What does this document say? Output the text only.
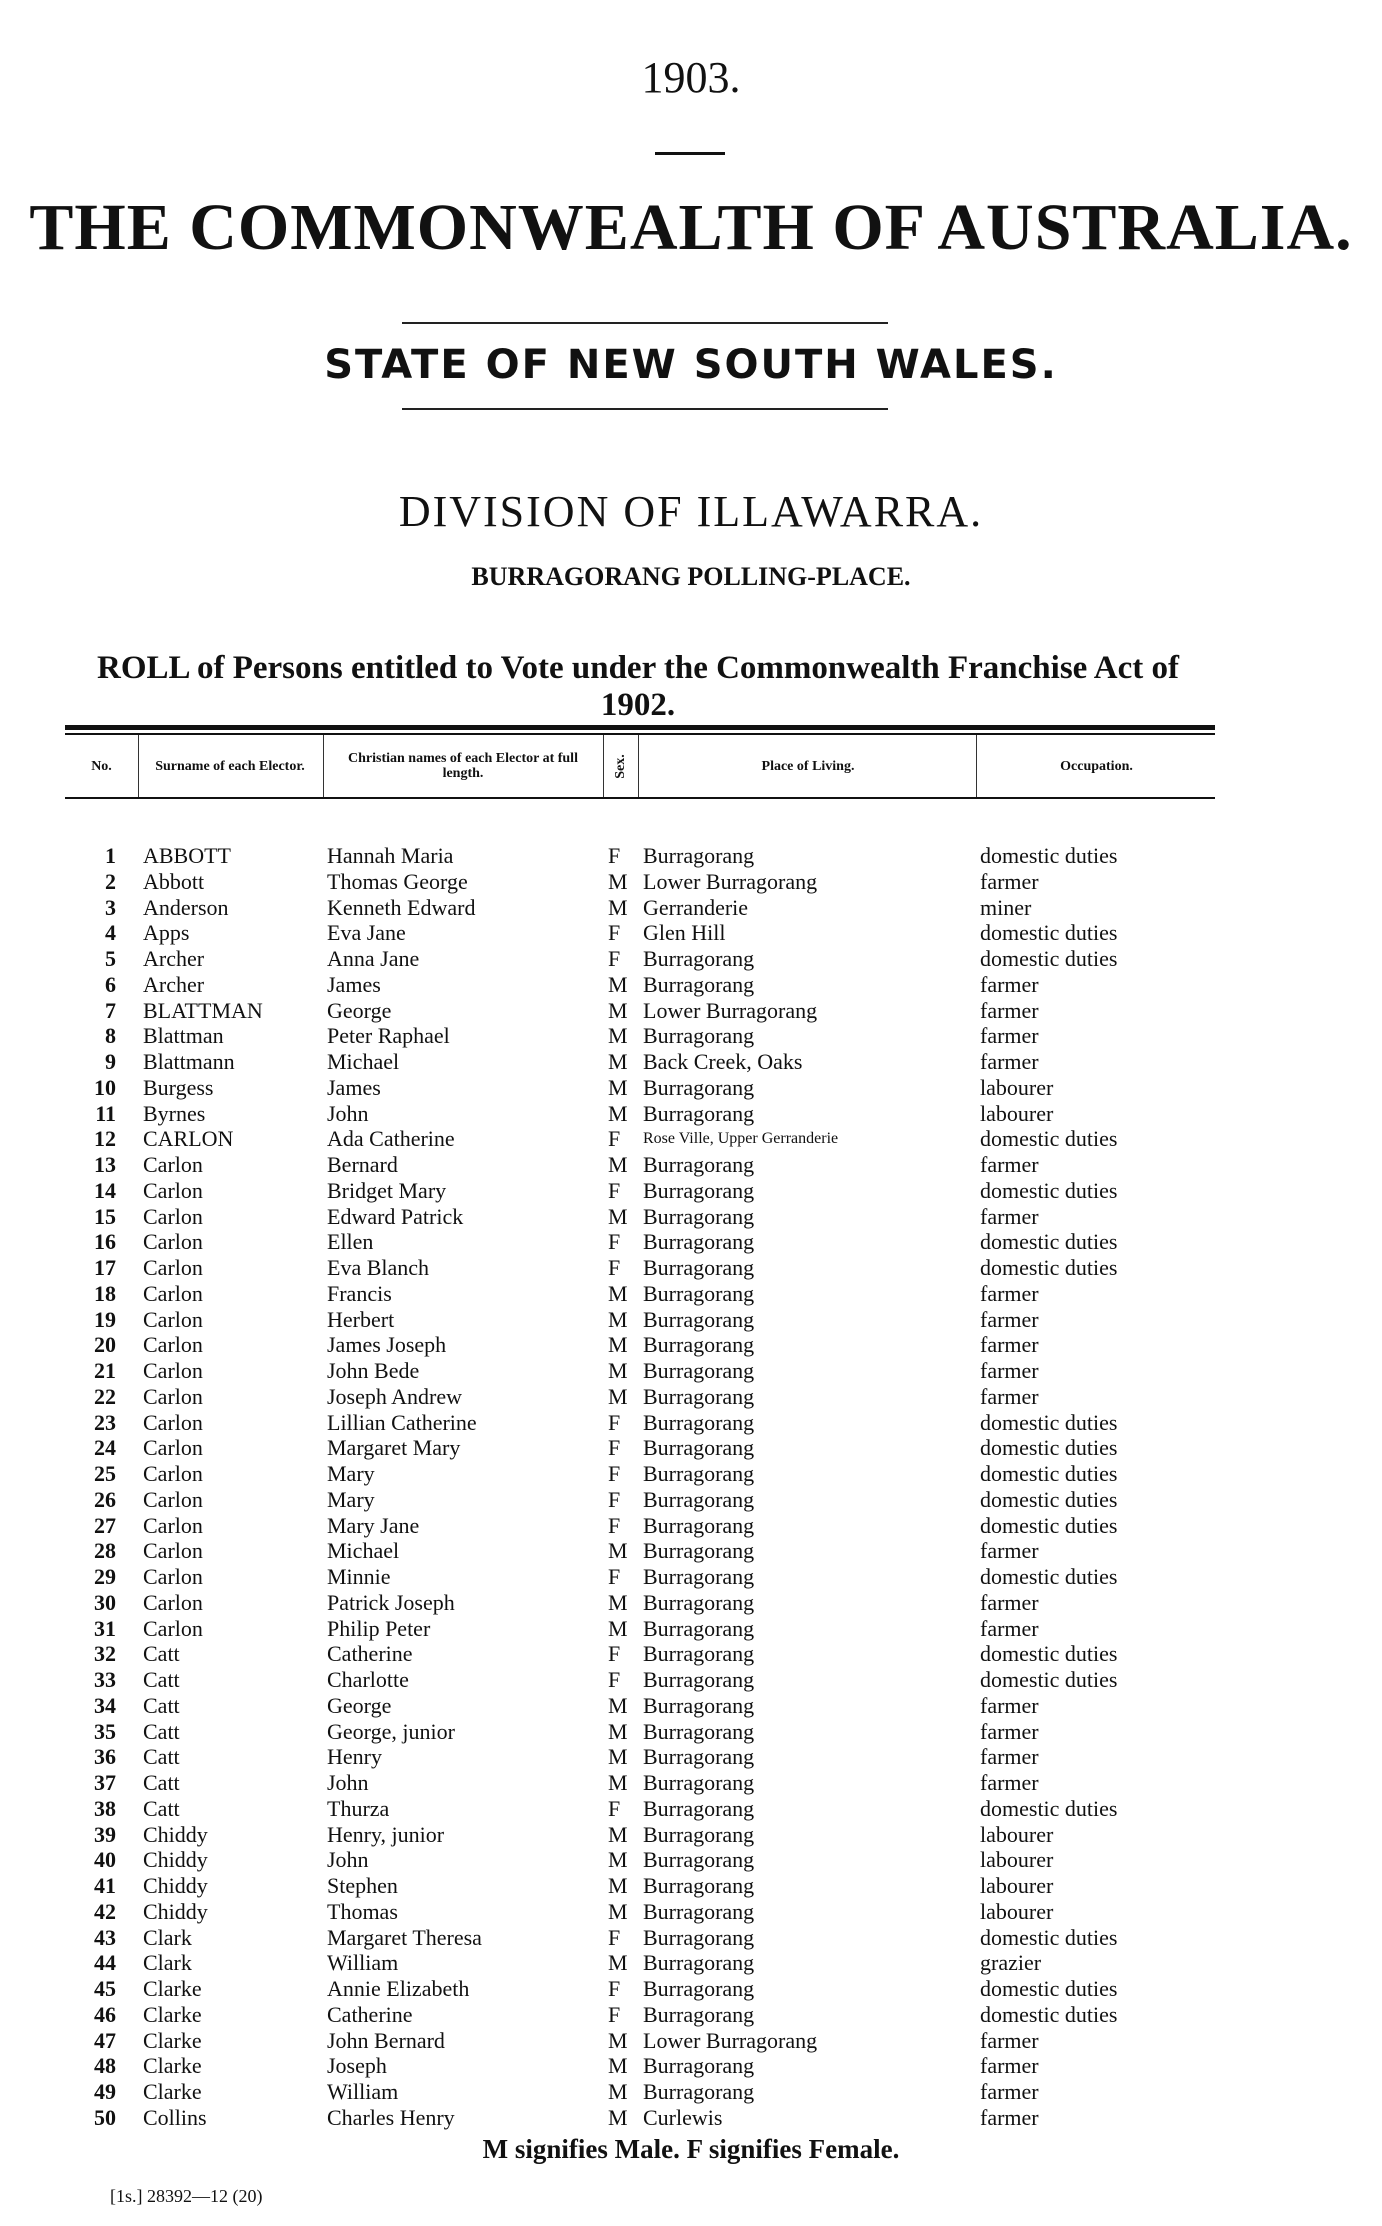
1903.
THE COMMONWEALTH OF AUSTRALIA.
STATE OF NEW SOUTH WALES.
DIVISION OF ILLAWARRA.
BURRAGORANG POLLING-PLACE.
ROLL of Persons entitled to Vote under the Commonwealth Franchise Act of 1902.
No.	Surname of each Elector.	Christian names of each Elector at full length.	Sex.	Place of Living.	Occupation.
1 ABBOTT	Hannah Maria	F Burragorang	domestic duties
2 Abbott	Thomas George	M Lower Burragorang	farmer
3 Anderson	Kenneth Edward	M Gerranderie	miner
4 Apps	Eva Jane	F Glen Hill	domestic duties
5 Archer	Anna Jane	F Burragorang	domestic duties
6 Archer	James	M Burragorang	farmer
7 BLATTMAN	George	M Lower Burragorang	farmer
8 Blattman	Peter Raphael	M Burragorang	farmer
9 Blattmann	Michael	M Back Creek, Oaks	farmer
10 Burgess	James	M Burragorang	labourer
11 Byrnes	John	M Burragorang	labourer
12 CARLON	Ada Catherine	F Rose Ville, Upper Gerranderie	domestic duties
13 Carlon	Bernard	M Burragorang	farmer
14 Carlon	Bridget Mary	F Burragorang	domestic duties
15 Carlon	Edward Patrick	M Burragorang	farmer
16 Carlon	Ellen	F Burragorang	domestic duties
17 Carlon	Eva Blanch	F Burragorang	domestic duties
18 Carlon	Francis	M Burragorang	farmer
19 Carlon	Herbert	M Burragorang	farmer
20 Carlon	James Joseph	M Burragorang	farmer
21 Carlon	John Bede	M Burragorang	farmer
22 Carlon	Joseph Andrew	M Burragorang	farmer
23 Carlon	Lillian Catherine	F Burragorang	domestic duties
24 Carlon	Margaret Mary	F Burragorang	domestic duties
25 Carlon	Mary	F Burragorang	domestic duties
26 Carlon	Mary	F Burragorang	domestic duties
27 Carlon	Mary Jane	F Burragorang	domestic duties
28 Carlon	Michael	M Burragorang	farmer
29 Carlon	Minnie	F Burragorang	domestic duties
30 Carlon	Patrick Joseph	M Burragorang	farmer
31 Carlon	Philip Peter	M Burragorang	farmer
32 Catt	Catherine	F Burragorang	domestic duties
33 Catt	Charlotte	F Burragorang	domestic duties
34 Catt	George	M Burragorang	farmer
35 Catt	George, junior	M Burragorang	farmer
36 Catt	Henry	M Burragorang	farmer
37 Catt	John	M Burragorang	farmer
38 Catt	Thurza	F Burragorang	domestic duties
39 Chiddy	Henry, junior	M Burragorang	labourer
40 Chiddy	John	M Burragorang	labourer
41 Chiddy	Stephen	M Burragorang	labourer
42 Chiddy	Thomas	M Burragorang	labourer
43 Clark	Margaret Theresa	F Burragorang	domestic duties
44 Clark	William	M Burragorang	grazier
45 Clarke	Annie Elizabeth	F Burragorang	domestic duties
46 Clarke	Catherine	F Burragorang	domestic duties
47 Clarke	John Bernard	M Lower Burragorang	farmer
48 Clarke	Joseph	M Burragorang	farmer
49 Clarke	William	M Burragorang	farmer
50 Collins	Charles Henry	M Curlewis	farmer
M signifies Male. F signifies Female.
[1s.] 28392—12 (20)
